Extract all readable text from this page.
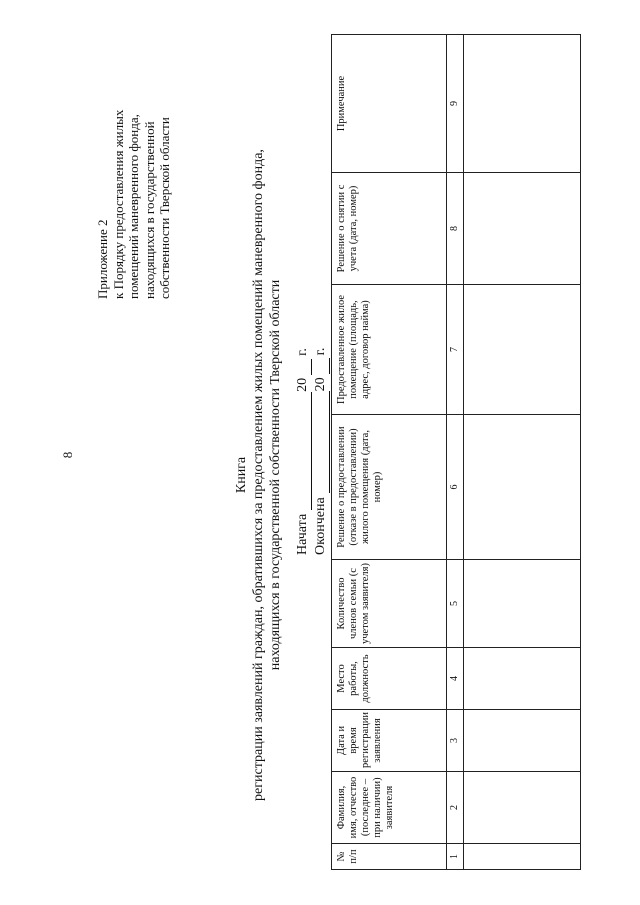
8
Приложение 2 к Порядку предоставления жилых помещений маневренного фонда, находящихся в государственной собственности Тверской области
Книга регистрации заявлений граждан, обратившихся за предоставлением жилых помещений маневренного фонда, находящихся в государственной собственности Тверской области Начата
20
г.
Окончена
20
г.
№ п/п	Фамилия, имя, отчество (последнее – при наличии) заявителя	Дата и время регистрации заявления	Место работы, должность	Количество членов семьи (с учетом заявителя)	Решение о предоставлении (отказе в предоставлении) жилого помещения (дата, номер)	Предоставленное жилое помещение (площадь, адрес, договор найма)	Решение о снятии с учета (дата, номер)	Примечание
1	2	3	4	5	6	7	8	9
